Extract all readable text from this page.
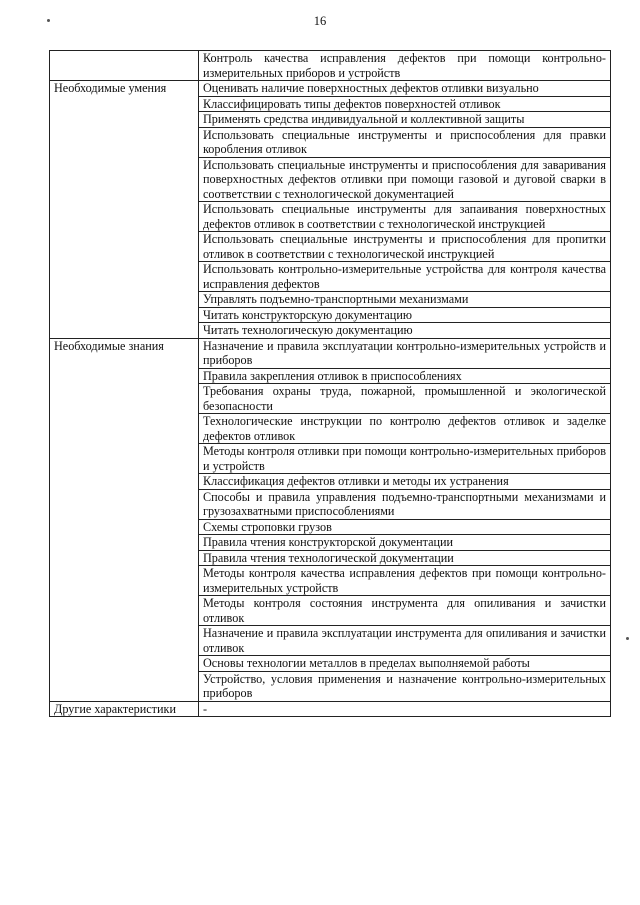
16
	Контроль качества исправления дефектов при помощи контрольно-измерительных приборов и устройств
Необходимые умения	Оценивать наличие поверхностных дефектов отливки визуально
	Классифицировать типы дефектов поверхностей отливок
	Применять средства индивидуальной и коллективной защиты
	Использовать специальные инструменты и приспособления для правки коробления отливок
	Использовать специальные инструменты и приспособления для заваривания поверхностных дефектов отливки при помощи газовой и дуговой сварки в соответствии с технологической документацией
	Использовать специальные инструменты для запаивания поверхностных дефектов отливок в соответствии с технологической инструкцией
	Использовать специальные инструменты и приспособления для пропитки отливок в соответствии с технологической инструкцией
	Использовать контрольно-измерительные устройства для контроля качества исправления дефектов
	Управлять подъемно-транспортными механизмами
	Читать конструкторскую документацию
	Читать технологическую документацию
Необходимые знания	Назначение и правила эксплуатации контрольно-измерительных устройств и приборов
	Правила закрепления отливок в приспособлениях
	Требования охраны труда, пожарной, промышленной и экологической безопасности
	Технологические инструкции по контролю дефектов отливок и заделке дефектов отливок
	Методы контроля отливки при помощи контрольно-измерительных приборов и устройств
	Классификация дефектов отливки и методы их устранения
	Способы и правила управления подъемно-транспортными механизмами и грузозахватными приспособлениями
	Схемы строповки грузов
	Правила чтения конструкторской документации
	Правила чтения технологической документации
	Методы контроля качества исправления дефектов при помощи контрольно-измерительных устройств
	Методы контроля состояния инструмента для опиливания и зачистки отливок
	Назначение и правила эксплуатации инструмента для опиливания и зачистки отливок
	Основы технологии металлов в пределах выполняемой работы
	Устройство, условия применения и назначение контрольно-измерительных приборов
Другие характеристики	-
